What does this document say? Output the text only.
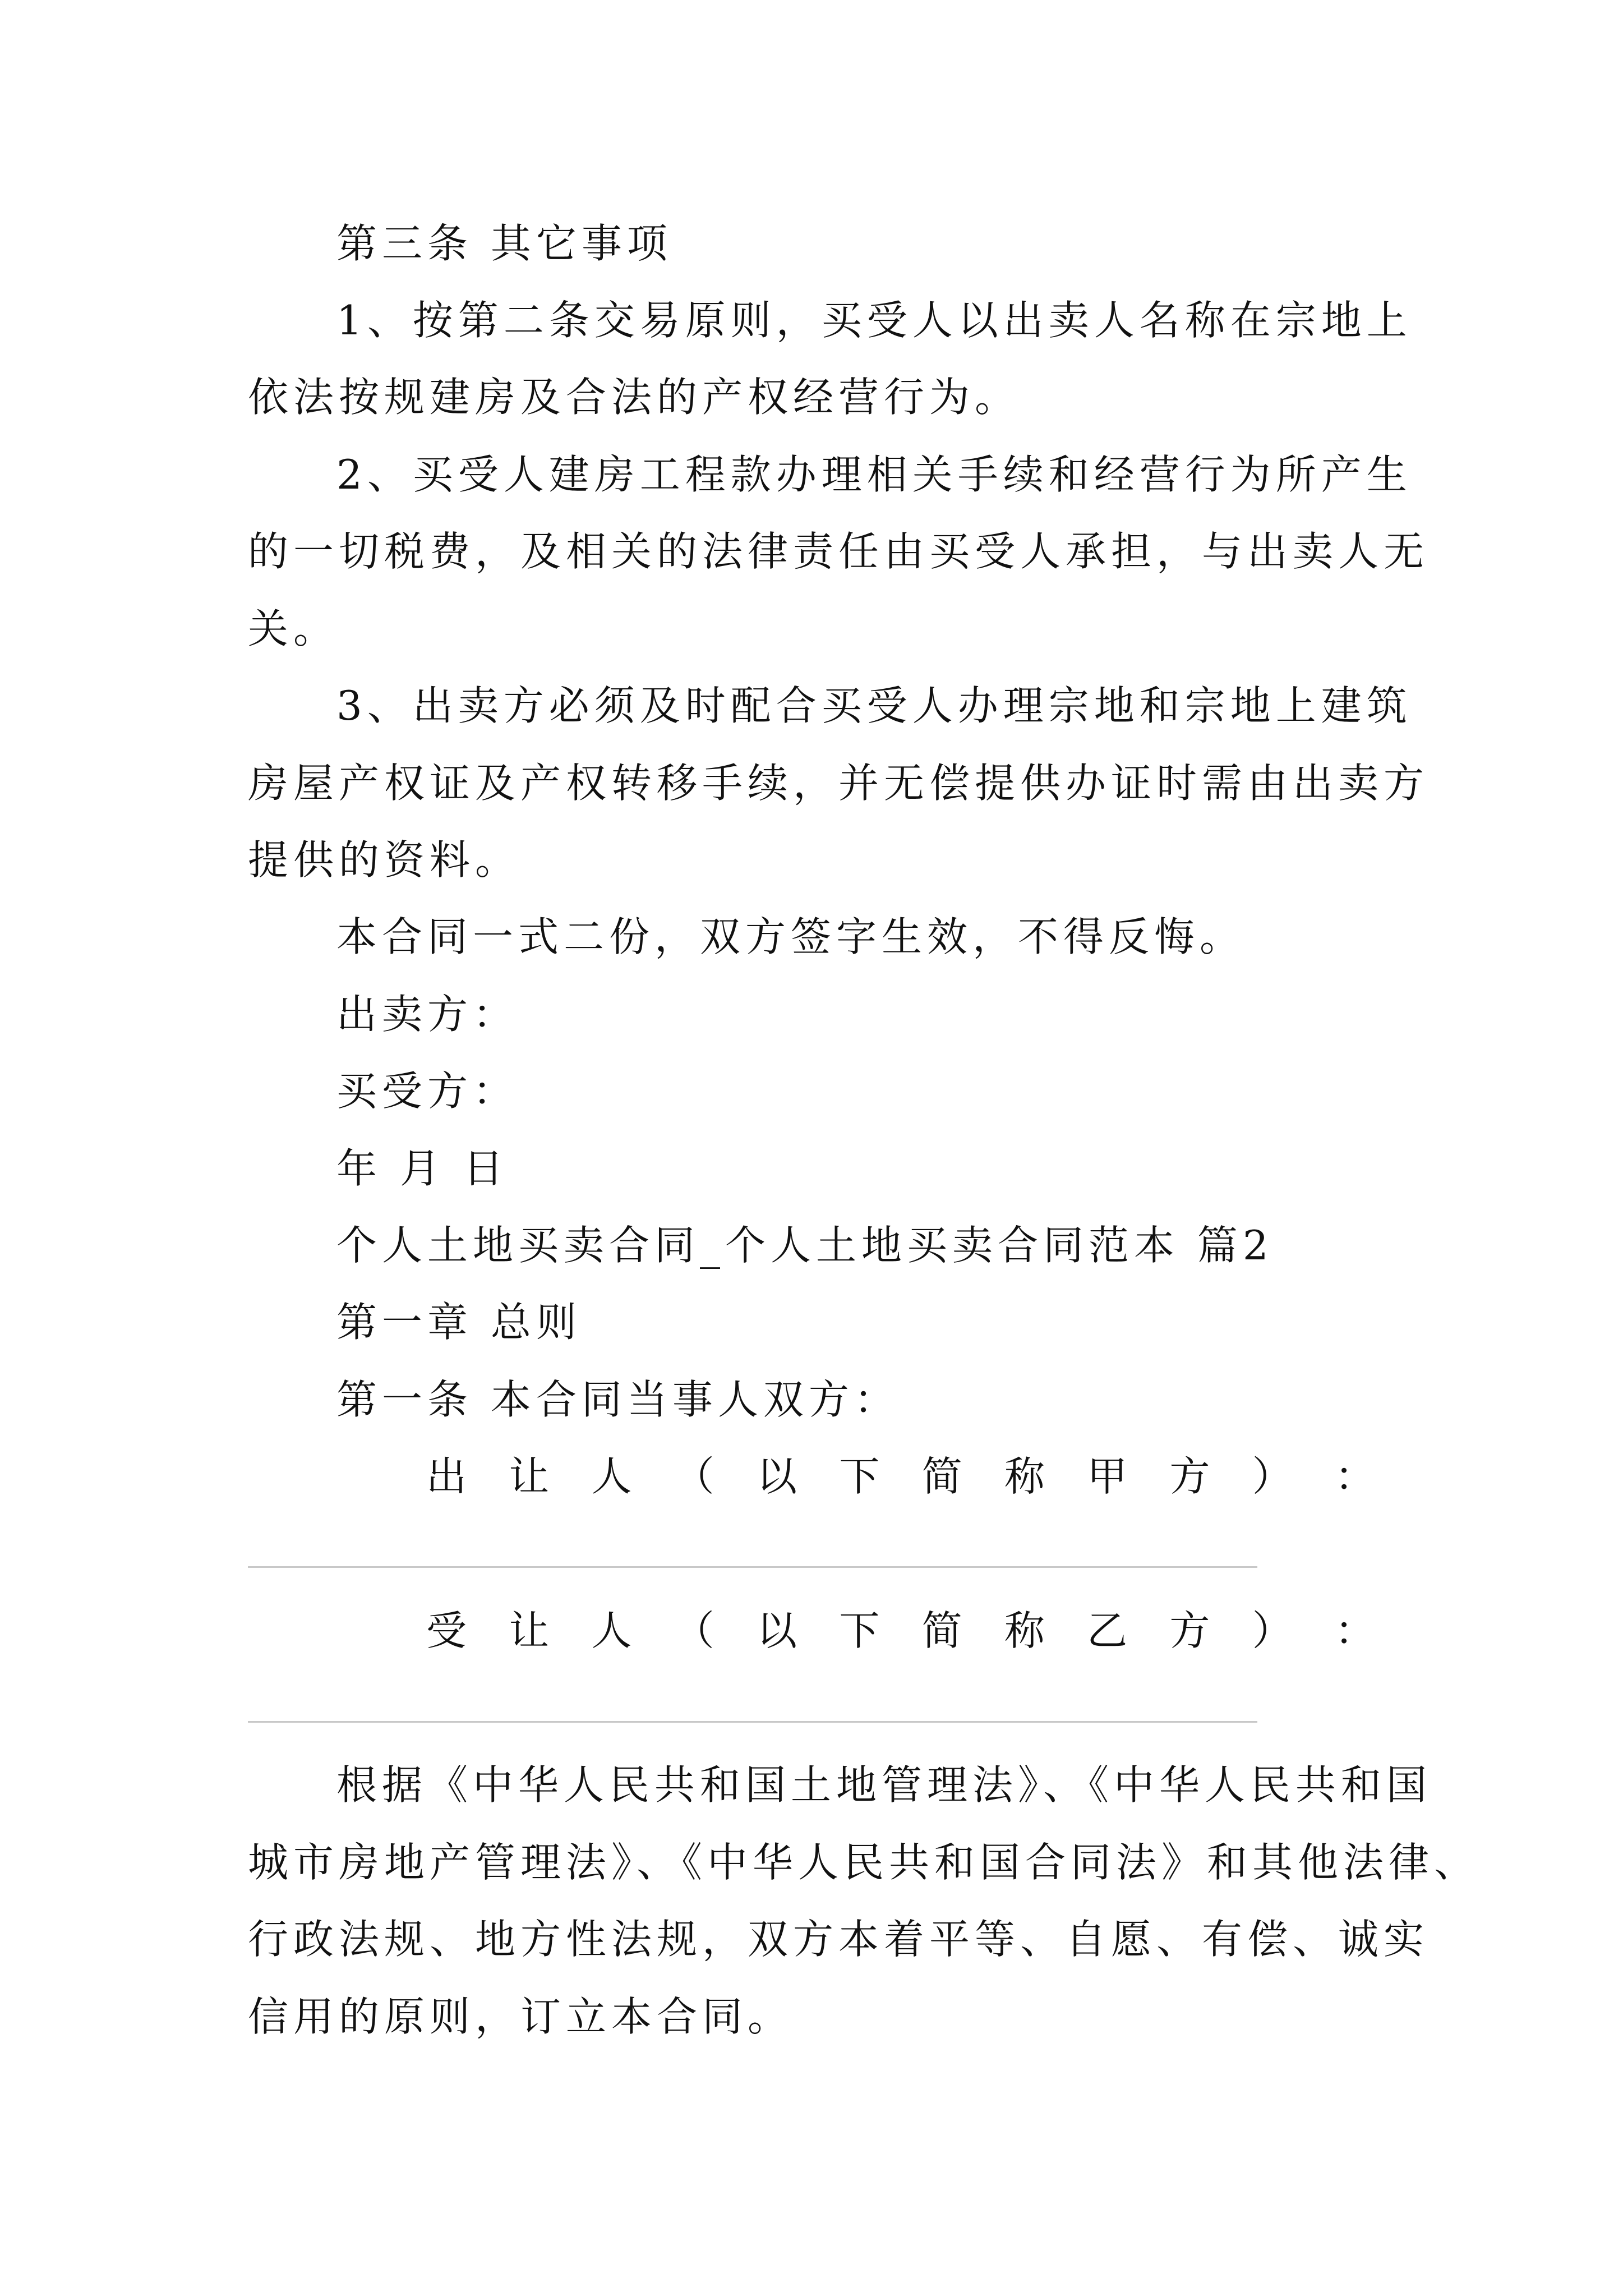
第三条 其它事项
1、按第二条交易原则，买受人以出卖人名称在宗地上
依法按规建房及合法的产权经营行为。
2、买受人建房工程款办理相关手续和经营行为所产生
的一切税费，及相关的法律责任由买受人承担，与出卖人无
关。
3、出卖方必须及时配合买受人办理宗地和宗地上建筑
房屋产权证及产权转移手续，并无偿提供办证时需由出卖方
提供的资料。
本合同一式二份，双方签字生效，不得反悔。
出卖方：
买受方：
年 月 日
个人土地买卖合同_个人土地买卖合同范本 篇2
第一章 总则
第一条 本合同当事人双方：
出 让 人 （ 以 下 简 称 甲 方 ） ：
受 让 人 （ 以 下 简 称 乙 方 ） ：
根据《中华人民共和国土地管理法》、《中华人民共和国
城市房地产管理法》、《中华人民共和国合同法》和其他法律、
行政法规、地方性法规，双方本着平等、自愿、有偿、诚实
信用的原则，订立本合同。
